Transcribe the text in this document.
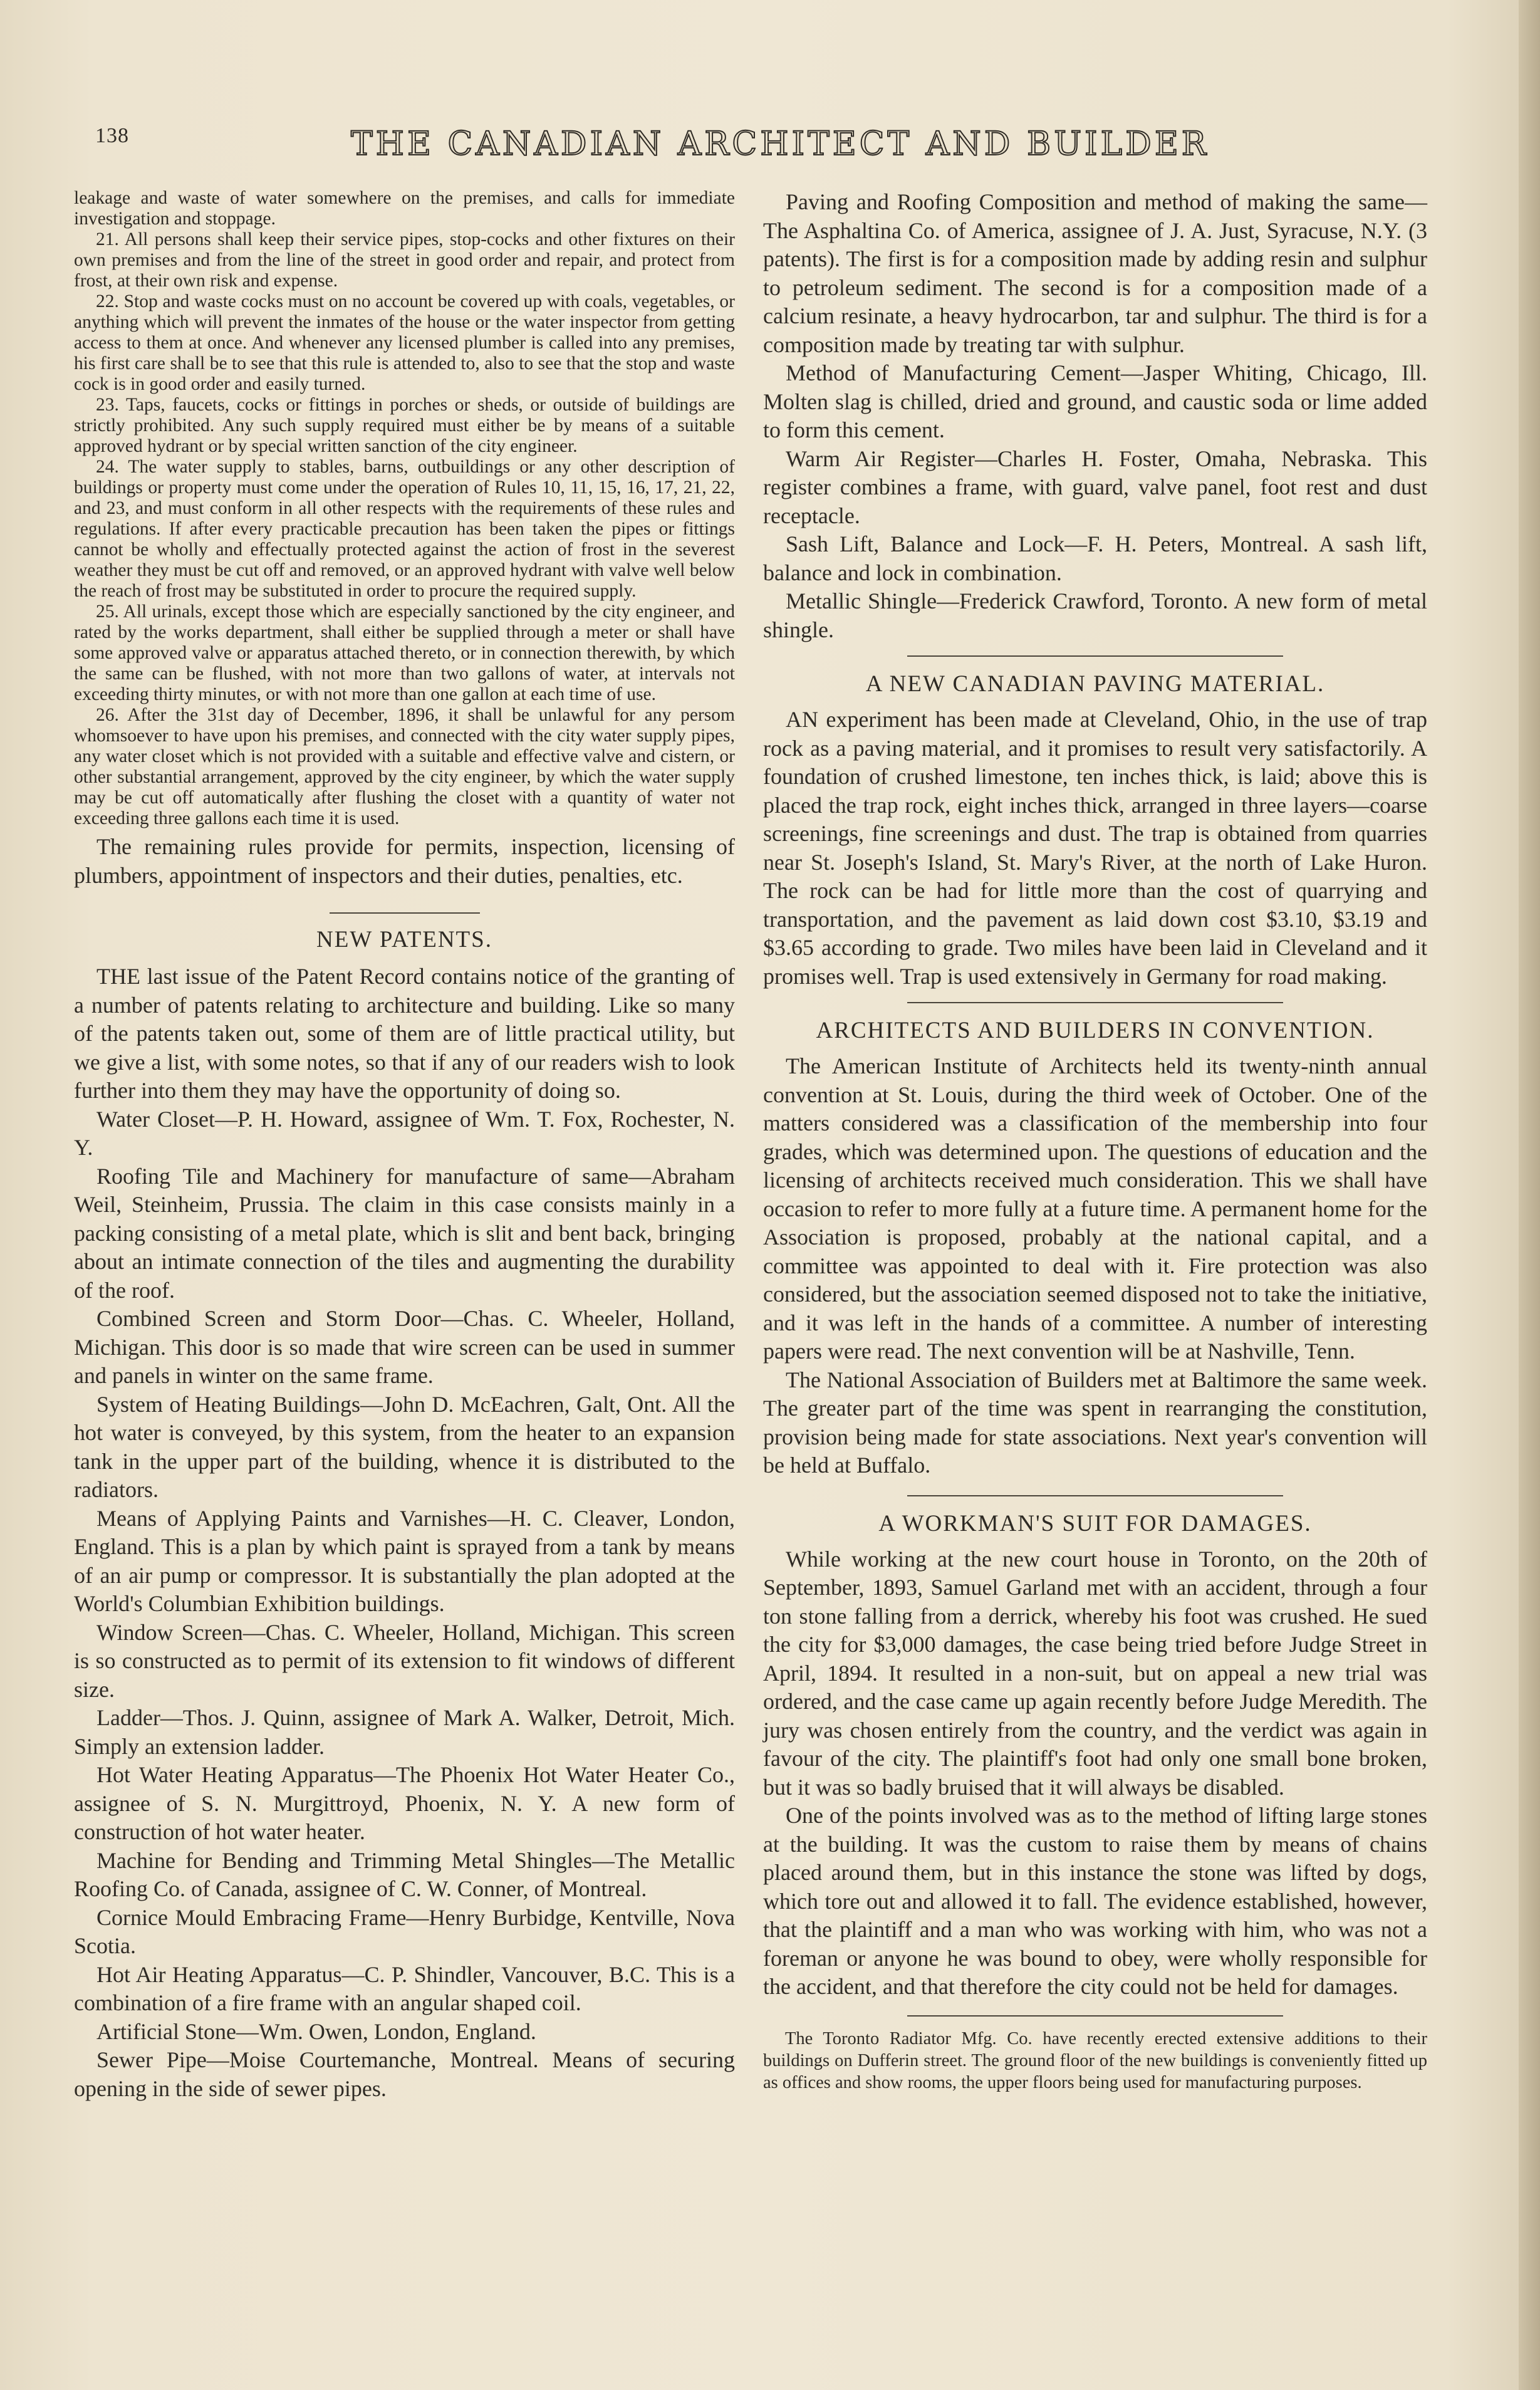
138	THE CANADIAN ARCHITECT AND BUILDER

leakage and waste of water somewhere on the premises, and calls for immediate investigation and stoppage.

21. All persons shall keep their service pipes, stop-cocks and other fixtures on their own premises and from the line of the street in good order and repair, and protect from frost, at their own risk and expense.

22. Stop and waste cocks must on no account be covered up with coals, vegetables, or anything which will prevent the inmates of the house or the water inspector from getting access to them at once. And whenever any licensed plumber is called into any premises, his first care shall be to see that this rule is attended to, also to see that the stop and waste cock is in good order and easily turned.

23. Taps, faucets, cocks or fittings in porches or sheds, or outside of buildings are strictly prohibited. Any such supply required must either be by means of a suitable approved hydrant or by special written sanction of the city engineer.

24. The water supply to stables, barns, outbuildings or any other description of buildings or property must come under the operation of Rules 10, 11, 15, 16, 17, 21, 22, and 23, and must conform in all other respects with the requirements of these rules and regulations. If after every practicable precaution has been taken the pipes or fittings cannot be wholly and effectually protected against the action of frost in the severest weather they must be cut off and removed, or an approved hydrant with valve well below the reach of frost may be substituted in order to procure the required supply.

25. All urinals, except those which are especially sanctioned by the city engineer, and rated by the works department, shall either be supplied through a meter or shall have some approved valve or apparatus attached thereto, or in connection therewith, by which the same can be flushed, with not more than two gallons of water, at intervals not exceeding thirty minutes, or with not more than one gallon at each time of use.

26. After the 31st day of December, 1896, it shall be unlawful for any persom whomsoever to have upon his premises, and connected with the city water supply pipes, any water closet which is not provided with a suitable and effective valve and cistern, or other substantial arrangement, approved by the city engineer, by which the water supply may be cut off automatically after flushing the closet with a quantity of water not exceeding three gallons each time it is used.

The remaining rules provide for permits, inspection, licensing of plumbers, appointment of inspectors and their duties, penalties, etc.

NEW PATENTS.

THE last issue of the Patent Record contains notice of the granting of a number of patents relating to architecture and building. Like so many of the patents taken out, some of them are of little practical utility, but we give a list, with some notes, so that if any of our readers wish to look further into them they may have the opportunity of doing so.

Water Closet—P. H. Howard, assignee of Wm. T. Fox, Rochester, N. Y.

Roofing Tile and Machinery for manufacture of same—Abraham Weil, Steinheim, Prussia. The claim in this case consists mainly in a packing consisting of a metal plate, which is slit and bent back, bringing about an intimate connection of the tiles and augmenting the durability of the roof.

Combined Screen and Storm Door—Chas. C. Wheeler, Holland, Michigan. This door is so made that wire screen can be used in summer and panels in winter on the same frame.

System of Heating Buildings—John D. McEachren, Galt, Ont. All the hot water is conveyed, by this system, from the heater to an expansion tank in the upper part of the building, whence it is distributed to the radiators.

Means of Applying Paints and Varnishes—H. C. Cleaver, London, England. This is a plan by which paint is sprayed from a tank by means of an air pump or compressor. It is substantially the plan adopted at the World's Columbian Exhibition buildings.

Window Screen—Chas. C. Wheeler, Holland, Michigan. This screen is so constructed as to permit of its extension to fit windows of different size.

Ladder—Thos. J. Quinn, assignee of Mark A. Walker, Detroit, Mich. Simply an extension ladder.

Hot Water Heating Apparatus—The Phoenix Hot Water Heater Co., assignee of S. N. Murgittroyd, Phoenix, N. Y. A new form of construction of hot water heater.

Machine for Bending and Trimming Metal Shingles—The Metallic Roofing Co. of Canada, assignee of C. W. Conner, of Montreal.

Cornice Mould Embracing Frame—Henry Burbidge, Kentville, Nova Scotia.

Hot Air Heating Apparatus—C. P. Shindler, Vancouver, B.C. This is a combination of a fire frame with an angular shaped coil.

Artificial Stone—Wm. Owen, London, England.

Sewer Pipe—Moise Courtemanche, Montreal. Means of securing opening in the side of sewer pipes.

Paving and Roofing Composition and method of making the same—The Asphaltina Co. of America, assignee of J. A. Just, Syracuse, N.Y. (3 patents). The first is for a composition made by adding resin and sulphur to petroleum sediment. The second is for a composition made of a calcium resinate, a heavy hydrocarbon, tar and sulphur. The third is for a composition made by treating tar with sulphur.

Method of Manufacturing Cement—Jasper Whiting, Chicago, Ill. Molten slag is chilled, dried and ground, and caustic soda or lime added to form this cement.

Warm Air Register—Charles H. Foster, Omaha, Nebraska. This register combines a frame, with guard, valve panel, foot rest and dust receptacle.

Sash Lift, Balance and Lock—F. H. Peters, Montreal. A sash lift, balance and lock in combination.

Metallic Shingle—Frederick Crawford, Toronto. A new form of metal shingle.

A NEW CANADIAN PAVING MATERIAL.

AN experiment has been made at Cleveland, Ohio, in the use of trap rock as a paving material, and it promises to result very satisfactorily. A foundation of crushed limestone, ten inches thick, is laid; above this is placed the trap rock, eight inches thick, arranged in three layers—coarse screenings, fine screenings and dust. The trap is obtained from quarries near St. Joseph's Island, St. Mary's River, at the north of Lake Huron. The rock can be had for little more than the cost of quarrying and transportation, and the pavement as laid down cost $3.10, $3.19 and $3.65 according to grade. Two miles have been laid in Cleveland and it promises well. Trap is used extensively in Germany for road making.

ARCHITECTS AND BUILDERS IN CONVENTION.

The American Institute of Architects held its twenty-ninth annual convention at St. Louis, during the third week of October. One of the matters considered was a classification of the membership into four grades, which was determined upon. The questions of education and the licensing of architects received much consideration. This we shall have occasion to refer to more fully at a future time. A permanent home for the Association is proposed, probably at the national capital, and a committee was appointed to deal with it. Fire protection was also considered, but the association seemed disposed not to take the initiative, and it was left in the hands of a committee. A number of interesting papers were read. The next convention will be at Nashville, Tenn.

The National Association of Builders met at Baltimore the same week. The greater part of the time was spent in rearranging the constitution, provision being made for state associations. Next year's convention will be held at Buffalo.

A WORKMAN'S SUIT FOR DAMAGES.

While working at the new court house in Toronto, on the 20th of September, 1893, Samuel Garland met with an accident, through a four ton stone falling from a derrick, whereby his foot was crushed. He sued the city for $3,000 damages, the case being tried before Judge Street in April, 1894. It resulted in a non-suit, but on appeal a new trial was ordered, and the case came up again recently before Judge Meredith. The jury was chosen entirely from the country, and the verdict was again in favour of the city. The plaintiff's foot had only one small bone broken, but it was so badly bruised that it will always be disabled.

One of the points involved was as to the method of lifting large stones at the building. It was the custom to raise them by means of chains placed around them, but in this instance the stone was lifted by dogs, which tore out and allowed it to fall. The evidence established, however, that the plaintiff and a man who was working with him, who was not a foreman or anyone he was bound to obey, were wholly responsible for the accident, and that therefore the city could not be held for damages.

The Toronto Radiator Mfg. Co. have recently erected extensive additions to their buildings on Dufferin street. The ground floor of the new buildings is conveniently fitted up as offices and show rooms, the upper floors being used for manufacturing purposes.
